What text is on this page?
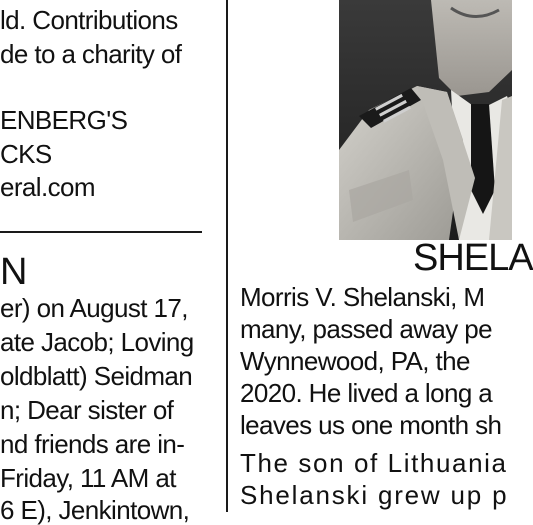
ld. Contributions
de to a charity of
ENBERG'S
CKS
eral.com
N
er) on August 17,
ate Jacob; Loving
oldblatt) Seidman
n; Dear sister of
nd friends are in-
Friday, 11 AM at
6 E), Jenkintown,
SHELA
Morris V. Shelanski, M
many, passed away pe
Wynnewood, PA, the
2020. He lived a long a
leaves us one month sh
The son of Lithuania
Shelanski grew up p
